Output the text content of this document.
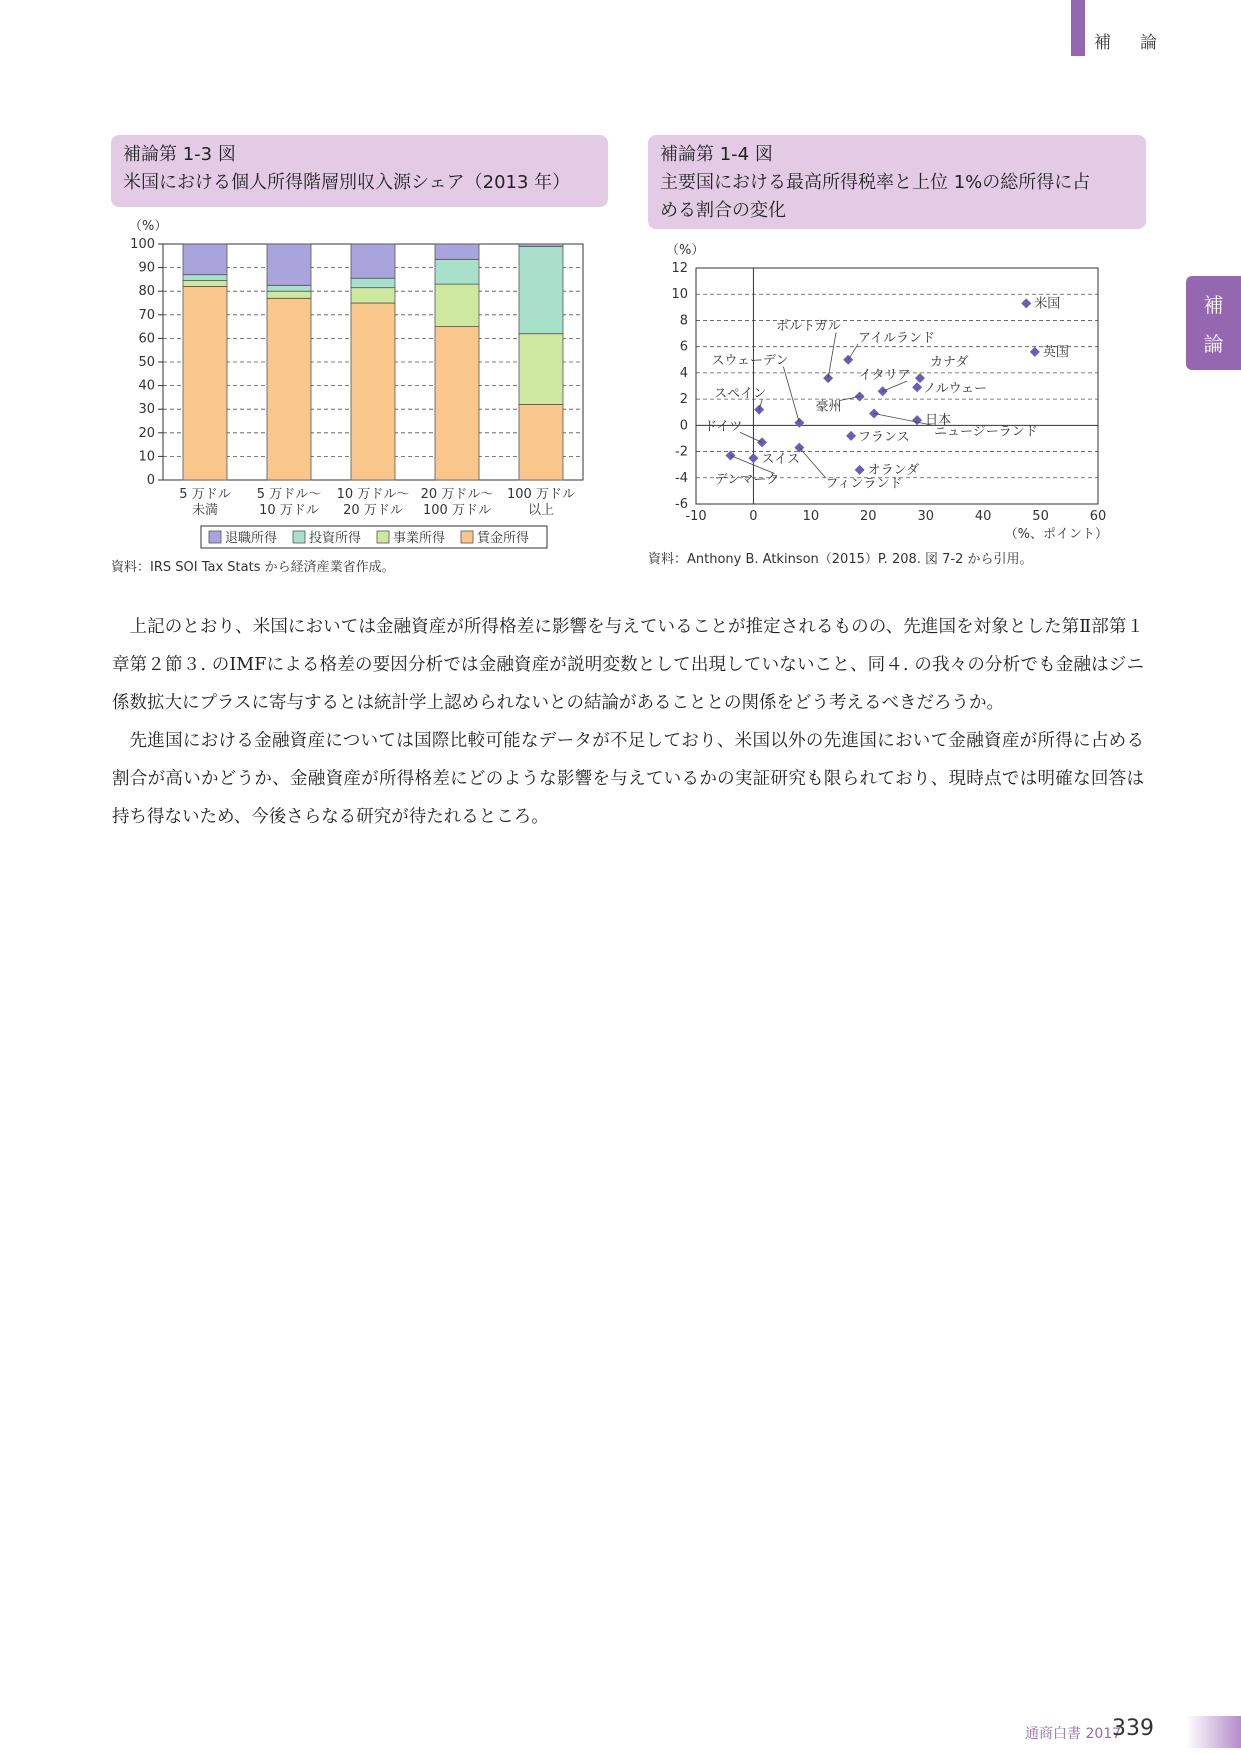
補　論
補
論
補論第 1-3 図
米国における個人所得階層別収入源シェア（2013 年）
（%）
0
10
20
30
40
50
60
70
80
90
100
5 万ドル
未満
5 万ドル〜
10 万ドル
10 万ドル〜
20 万ドル
20 万ドル〜
100 万ドル
100 万ドル
以上
退職所得 投資所得 事業所得 賃金所得
資料：IRS SOI Tax Stats から経済産業省作成。
補論第 1-4 図
主要国における最高所得税率と上位 1%の総所得に占
める割合の変化
（%）
-6
-4
-2
0
2
4
6
8
10
12
-10	0	10	20	30	40	50	60
（%、ポイント）
米国
英国
カナダ
ノルウェー
アイルランド
イタリア
ポルトガル
豪州
日本
ニュージーランド
フランス
スウェーデン
スペイン
ドイツ
フィンランド
スイス
デンマーク
オランダ
資料：Anthony B. Atkinson（2015）P. 208. 図 7-2 から引用。

上記のとおり、米国においては金融資産が所得格差に影響を与えていることが推定されるものの、先進国を対象とした第Ⅱ部第１章第２節３. のIMFによる格差の要因分析では金融資産が説明変数として出現していないこと、同４. の我々の分析でも金融はジニ係数拡大にプラスに寄与するとは統計学上認められないとの結論があることとの関係をどう考えるべきだろうか。

先進国における金融資産については国際比較可能なデータが不足しており、米国以外の先進国において金融資産が所得に占める割合が高いかどうか、金融資産が所得格差にどのような影響を与えているかの実証研究も限られており、現時点では明確な回答は持ち得ないため、今後さらなる研究が待たれるところ。

通商白書 2017
339
